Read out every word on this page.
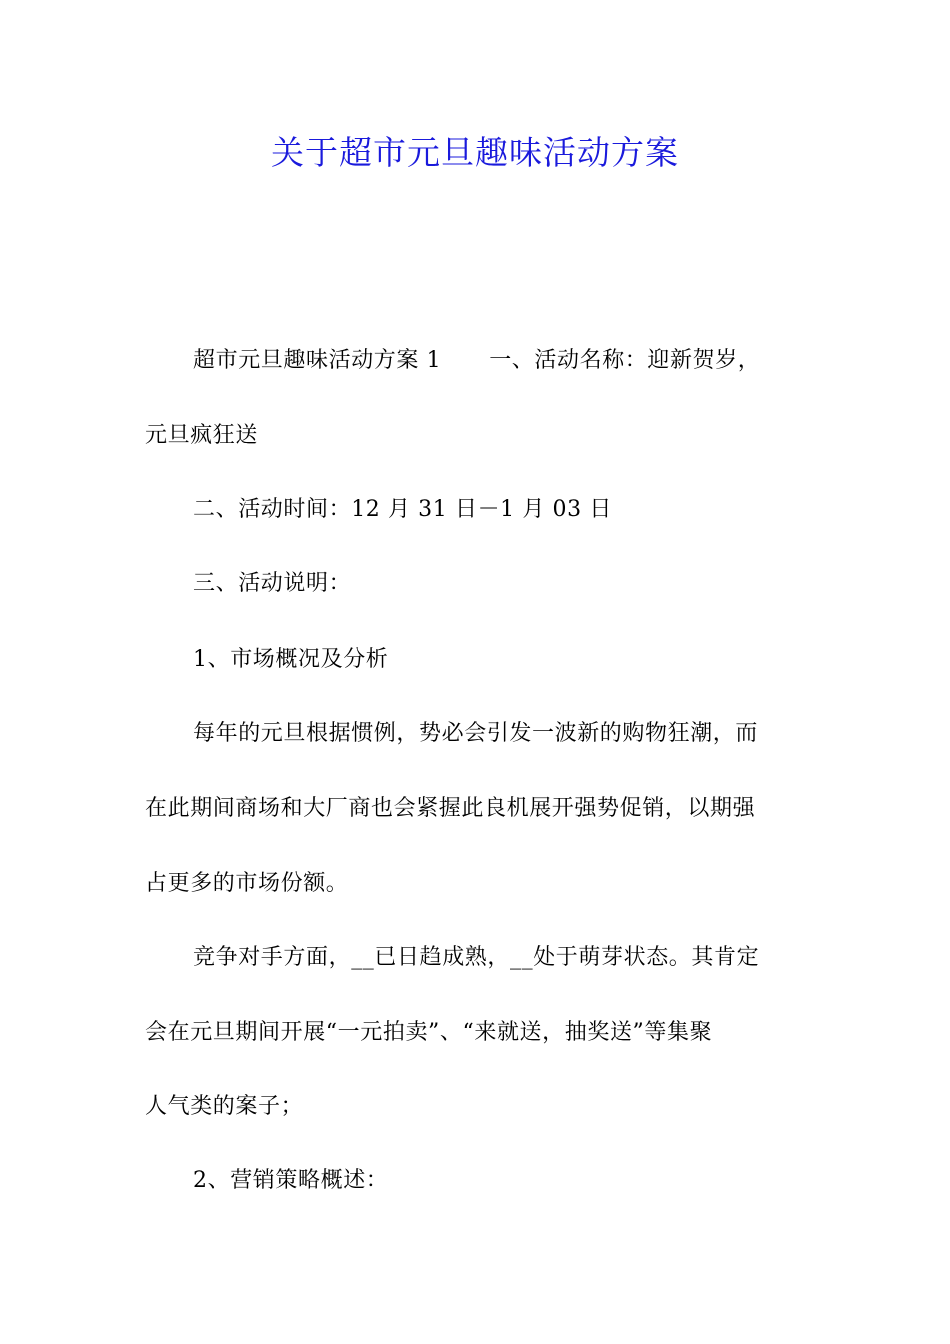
关于超市元旦趣味活动方案
超市元旦趣味活动方案 1 一、活动名称：迎新贺岁，
元旦疯狂送
二、活动时间：12 月 31 日－1 月 03 日
三、活动说明：
1、市场概况及分析
每年的元旦根据惯例，势必会引发一波新的购物狂潮，而
在此期间商场和大厂商也会紧握此良机展开强势促销，以期强
占更多的市场份额。
竞争对手方面，__已日趋成熟，__处于萌芽状态。其肯定
会在元旦期间开展“一元拍卖”、“来就送，抽奖送”等集聚
人气类的案子；
2、营销策略概述：
